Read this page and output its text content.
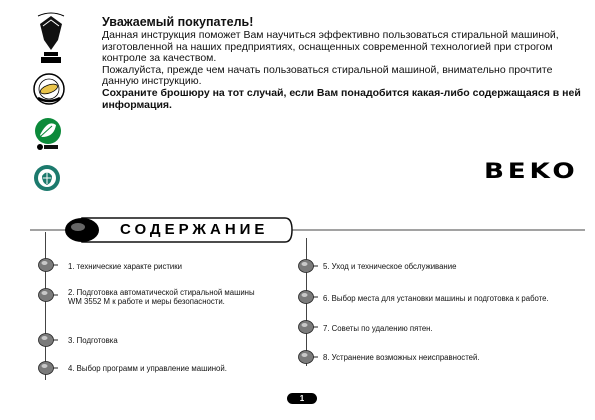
Уважаемый покупатель!

Данная инструкция поможет Вам научиться эффективно пользоваться стиральной машиной, изготовленной на наших предприятиях, оснащенных современной технологией при строгом контроле за качеством.

Пожалуйста, прежде чем начать пользоваться стиральной машиной, внимательно прочтите данную инструкцию.

Сохраните брошюру на тот случай, если Вам понадобится какая-либо содержащаяся в ней информация.

BEKO
СОДЕРЖАНИЕ
1. технические характе ристики
2. Подготовка автоматической стиральной машины WM 3552 M к работе и меры безопасности.
3. Подготовка
4. Выбор программ и управление машиной.
5. Уход и техническое обслуживание
6. Выбор места для установки машины и подготовка к работе.
7. Советы по удалению пятен.
8. Устранение возможных неисправностей.
1
